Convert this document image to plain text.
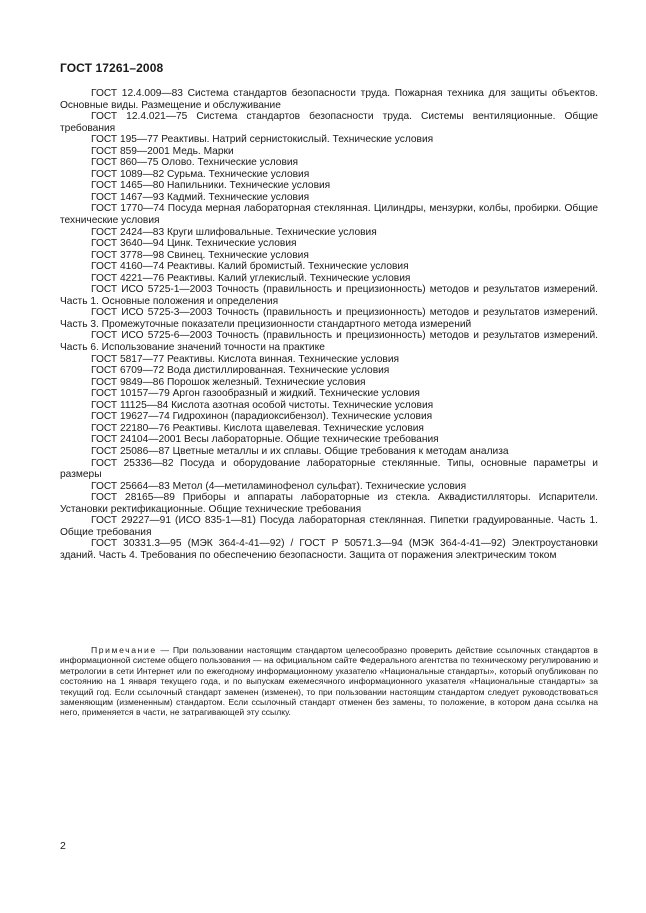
ГОСТ 17261–2008

ГОСТ 12.4.009—83 Система стандартов безопасности труда. Пожарная техника для защиты объектов. Основные виды. Размещение и обслуживание

ГОСТ 12.4.021—75 Система стандартов безопасности труда. Системы вентиляционные. Общие требования

ГОСТ 195—77 Реактивы. Натрий сернистокислый. Технические условия

ГОСТ 859—2001 Медь. Марки

ГОСТ 860—75 Олово. Технические условия

ГОСТ 1089—82 Сурьма. Технические условия

ГОСТ 1465—80 Напильники. Технические условия

ГОСТ 1467—93 Кадмий. Технические условия

ГОСТ 1770—74 Посуда мерная лабораторная стеклянная. Цилиндры, мензурки, колбы, пробирки. Общие технические условия

ГОСТ 2424—83 Круги шлифовальные. Технические условия

ГОСТ 3640—94 Цинк. Технические условия

ГОСТ 3778—98 Свинец. Технические условия

ГОСТ 4160—74 Реактивы. Калий бромистый. Технические условия

ГОСТ 4221—76 Реактивы. Калий углекислый. Технические условия

ГОСТ ИСО 5725-1—2003 Точность (правильность и прецизионность) методов и результатов измерений. Часть 1. Основные положения и определения

ГОСТ ИСО 5725-3—2003 Точность (правильность и прецизионность) методов и результатов измерений. Часть 3. Промежуточные показатели прецизионности стандартного метода измерений

ГОСТ ИСО 5725-6—2003 Точность (правильность и прецизионность) методов и результатов измерений. Часть 6. Использование значений точности на практике

ГОСТ 5817—77 Реактивы. Кислота винная. Технические условия

ГОСТ 6709—72 Вода дистиллированная. Технические условия

ГОСТ 9849—86 Порошок железный. Технические условия

ГОСТ 10157—79 Аргон газообразный и жидкий. Технические условия

ГОСТ 11125—84 Кислота азотная особой чистоты. Технические условия

ГОСТ 19627—74 Гидрохинон (парадиоксибензол). Технические условия

ГОСТ 22180—76 Реактивы. Кислота щавелевая. Технические условия

ГОСТ 24104—2001 Весы лабораторные. Общие технические требования

ГОСТ 25086—87 Цветные металлы и их сплавы. Общие требования к методам анализа

ГОСТ 25336—82 Посуда и оборудование лабораторные стеклянные. Типы, основные параметры и размеры

ГОСТ 25664—83 Метол (4—метиламинофенол сульфат). Технические условия

ГОСТ 28165—89 Приборы и аппараты лабораторные из стекла. Аквадистилляторы. Испарители. Установки ректификационные. Общие технические требования

ГОСТ 29227—91 (ИСО 835-1—81) Посуда лабораторная стеклянная. Пипетки градуированные. Часть 1. Общие требования

ГОСТ 30331.3—95 (МЭК 364-4-41—92) / ГОСТ Р 50571.3—94 (МЭК 364-4-41—92) Электроустановки зданий. Часть 4. Требования по обеспечению безопасности. Защита от поражения электрическим током

Примечание — При пользовании настоящим стандартом целесообразно проверить действие ссылочных стандартов в информационной системе общего пользования — на официальном сайте Федерального агентства по техническому регулированию и метрологии в сети Интернет или по ежегодному информационному указателю «Национальные стандарты», который опубликован по состоянию на 1 января текущего года, и по выпускам ежемесячного информационного указателя «Национальные стандарты» за текущий год. Если ссылочный стандарт заменен (изменен), то при пользовании настоящим стандартом следует руководствоваться заменяющим (измененным) стандартом. Если ссылочный стандарт отменен без замены, то положение, в котором дана ссылка на него, применяется в части, не затрагивающей эту ссылку.

2
